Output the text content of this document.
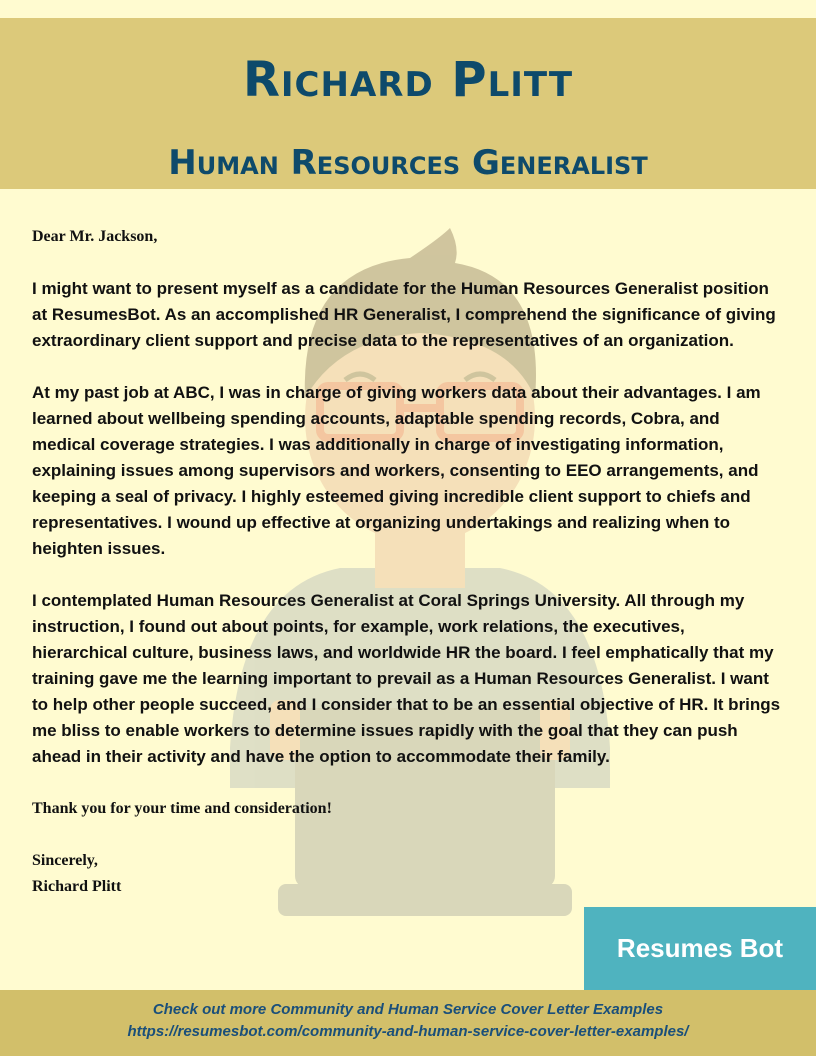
Richard Plitt
Human Resources Generalist

Dear Mr. Jackson,

I might want to present myself as a candidate for the Human Resources Generalist position at ResumesBot. As an accomplished HR Generalist, I comprehend the significance of giving extraordinary client support and precise data to the representatives of an organization.

At my past job at ABC, I was in charge of giving workers data about their advantages. I am learned about wellbeing spending accounts, adaptable spending records, Cobra, and medical coverage strategies. I was additionally in charge of investigating information, explaining issues among supervisors and workers, consenting to EEO arrangements, and keeping a seal of privacy. I highly esteemed giving incredible client support to chiefs and representatives. I wound up effective at organizing undertakings and realizing when to heighten issues.

I contemplated Human Resources Generalist at Coral Springs University. All through my instruction, I found out about points, for example, work relations, the executives, hierarchical culture, business laws, and worldwide HR the board. I feel emphatically that my training gave me the learning important to prevail as a Human Resources Generalist. I want to help other people succeed, and I consider that to be an essential objective of HR. It brings me bliss to enable workers to determine issues rapidly with the goal that they can push ahead in their activity and have the option to accommodate their family.

Thank you for your time and consideration!

Sincerely,
Richard Plitt
Resumes Bot
Check out more Community and Human Service Cover Letter Examples
https://resumesbot.com/community-and-human-service-cover-letter-examples/
